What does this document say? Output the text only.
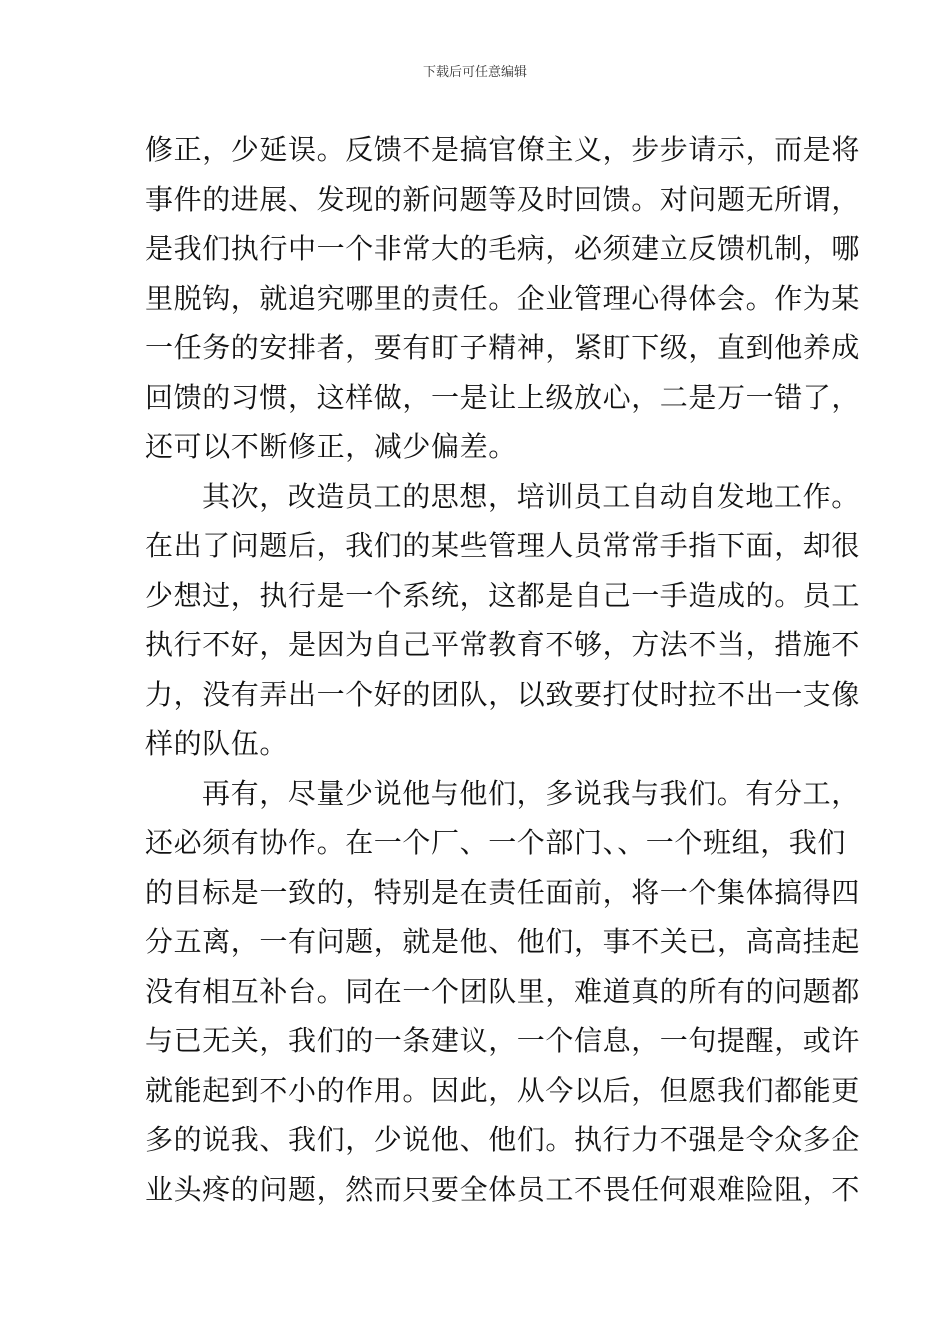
下载后可任意编辑
修正，少延误。反馈不是搞官僚主义，步步请示，而是将
事件的进展、发现的新问题等及时回馈。对问题无所谓，
是我们执行中一个非常大的毛病，必须建立反馈机制，哪
里脱钩，就追究哪里的责任。企业管理心得体会。作为某
一任务的安排者，要有盯子精神，紧盯下级，直到他养成
回馈的习惯，这样做，一是让上级放心，二是万一错了，
还可以不断修正，减少偏差。
其次，改造员工的思想，培训员工自动自发地工作。
在出了问题后，我们的某些管理人员常常手指下面，却很
少想过，执行是一个系统，这都是自己一手造成的。员工
执行不好，是因为自己平常教育不够，方法不当，措施不
力，没有弄出一个好的团队，以致要打仗时拉不出一支像
样的队伍。
再有，尽量少说他与他们，多说我与我们。有分工，
还必须有协作。在一个厂、一个部门、、一个班组，我们
的目标是一致的，特别是在责任面前，将一个集体搞得四
分五离，一有问题，就是他、他们，事不关已，高高挂起
没有相互补台。同在一个团队里，难道真的所有的问题都
与已无关，我们的一条建议，一个信息，一句提醒，或许
就能起到不小的作用。因此，从今以后，但愿我们都能更
多的说我、我们，少说他、他们。执行力不强是令众多企
业头疼的问题，然而只要全体员工不畏任何艰难险阻，不
